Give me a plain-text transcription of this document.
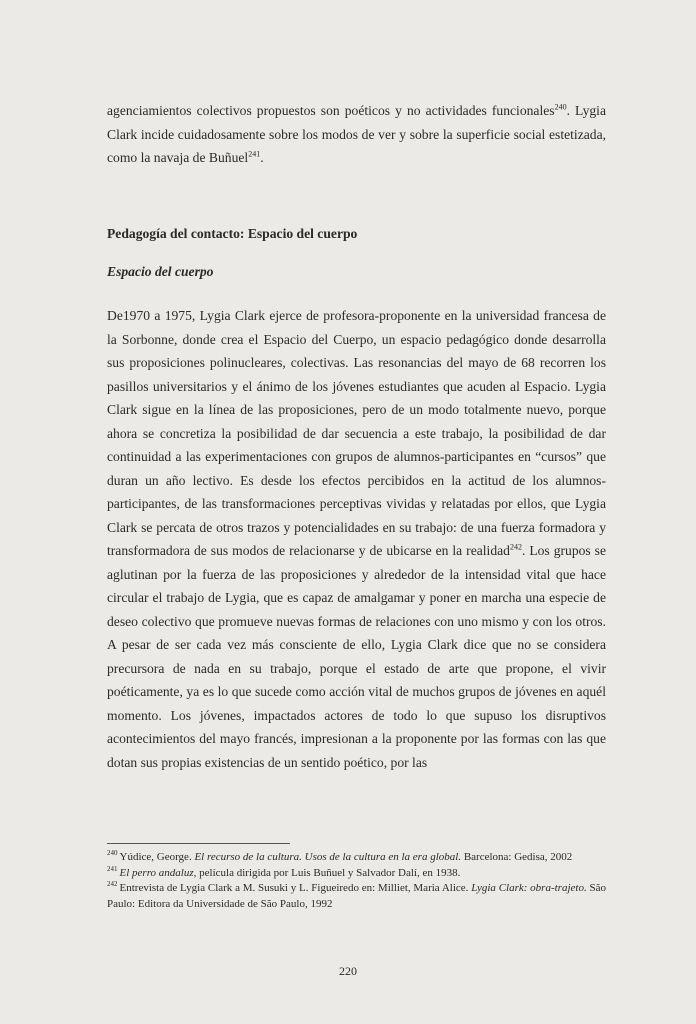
agenciamientos colectivos propuestos son poéticos y no actividades funcionales$^{240}$. Lygia Clark incide cuidadosamente sobre los modos de ver y sobre la superficie social estetizada, como la navaja de Buñuel$^{241}$.

Pedagogía del contacto: Espacio del cuerpo
Espacio del cuerpo

De1970 a 1975, Lygia Clark ejerce de profesora-proponente en la universidad francesa de la Sorbonne, donde crea el Espacio del Cuerpo, un espacio pedagógico donde desarrolla sus proposiciones polinucleares, colectivas. Las resonancias del mayo de 68 recorren los pasillos universitarios y el ánimo de los jóvenes estudiantes que acuden al Espacio. Lygia Clark sigue en la línea de las proposiciones, pero de un modo totalmente nuevo, porque ahora se concretiza la posibilidad de dar secuencia a este trabajo, la posibilidad de dar continuidad a las experimentaciones con grupos de alumnos-participantes en “cursos” que duran un año lectivo. Es desde los efectos percibidos en la actitud de los alumnos-participantes, de las transformaciones perceptivas vividas y relatadas por ellos, que Lygia Clark se percata de otros trazos y potencialidades en su trabajo: de una fuerza formadora y transformadora de sus modos de relacionarse y de ubicarse en la realidad$^{242}$. Los grupos se aglutinan por la fuerza de las proposiciones y alrededor de la intensidad vital que hace circular el trabajo de Lygia, que es capaz de amalgamar y poner en marcha una especie de deseo colectivo que promueve nuevas formas de relaciones con uno mismo y con los otros. A pesar de ser cada vez más consciente de ello, Lygia Clark dice que no se considera precursora de nada en su trabajo, porque el estado de arte que propone, el vivir poéticamente, ya es lo que sucede como acción vital de muchos grupos de jóvenes en aquél momento. Los jóvenes, impactados actores de todo lo que supuso los disruptivos acontecimientos del mayo francés, impresionan a la proponente por las formas con las que dotan sus propias existencias de un sentido poético, por las

$^{240}$ Yúdice, George. El recurso de la cultura. Usos de la cultura en la era global. Barcelona: Gedisa, 2002

$^{241}$ El perro andaluz, película dirigida por Luis Buñuel y Salvador Dalí, en 1938.

$^{242}$ Entrevista de Lygia Clark a M. Susuki y L. Figueiredo en: Milliet, Maria Alice. Lygia Clark: obra-trajeto. São Paulo: Editora da Universidade de São Paulo, 1992

220
